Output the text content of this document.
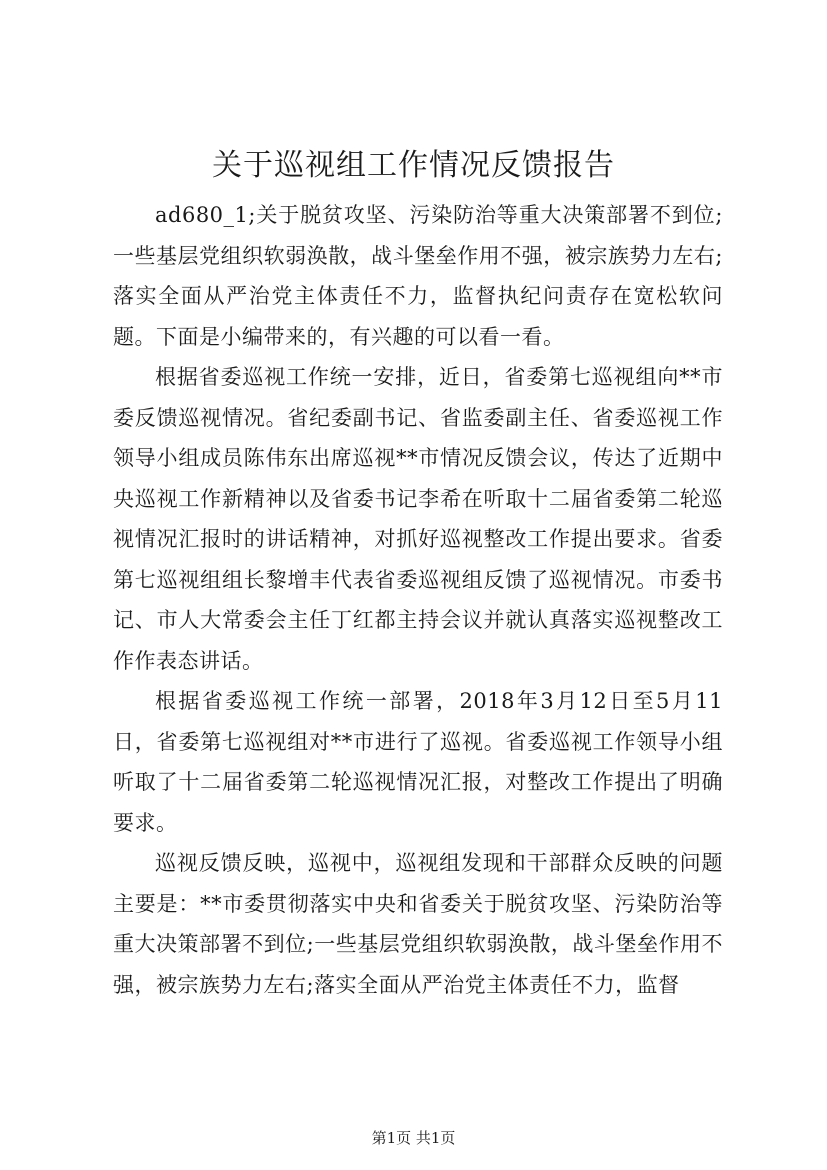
关于巡视组工作情况反馈报告

ad680_1;关于脱贫攻坚、污染防治等重大决策部署不到位;一些基层党组织软弱涣散，战斗堡垒作用不强，被宗族势力左右;落实全面从严治党主体责任不力，监督执纪问责存在宽松软问题。下面是小编带来的，有兴趣的可以看一看。

根据省委巡视工作统一安排，近日，省委第七巡视组向**市委反馈巡视情况。省纪委副书记、省监委副主任、省委巡视工作领导小组成员陈伟东出席巡视**市情况反馈会议，传达了近期中央巡视工作新精神以及省委书记李希在听取十二届省委第二轮巡视情况汇报时的讲话精神，对抓好巡视整改工作提出要求。省委第七巡视组组长黎增丰代表省委巡视组反馈了巡视情况。市委书记、市人大常委会主任丁红都主持会议并就认真落实巡视整改工作作表态讲话。

根据省委巡视工作统一部署，2018年3月12日至5月11日，省委第七巡视组对**市进行了巡视。省委巡视工作领导小组听取了十二届省委第二轮巡视情况汇报，对整改工作提出了明确要求。

巡视反馈反映，巡视中，巡视组发现和干部群众反映的问题主要是：**市委贯彻落实中央和省委关于脱贫攻坚、污染防治等重大决策部署不到位;一些基层党组织软弱涣散，战斗堡垒作用不强，被宗族势力左右;落实全面从严治党主体责任不力，监督

第1页 共1页
